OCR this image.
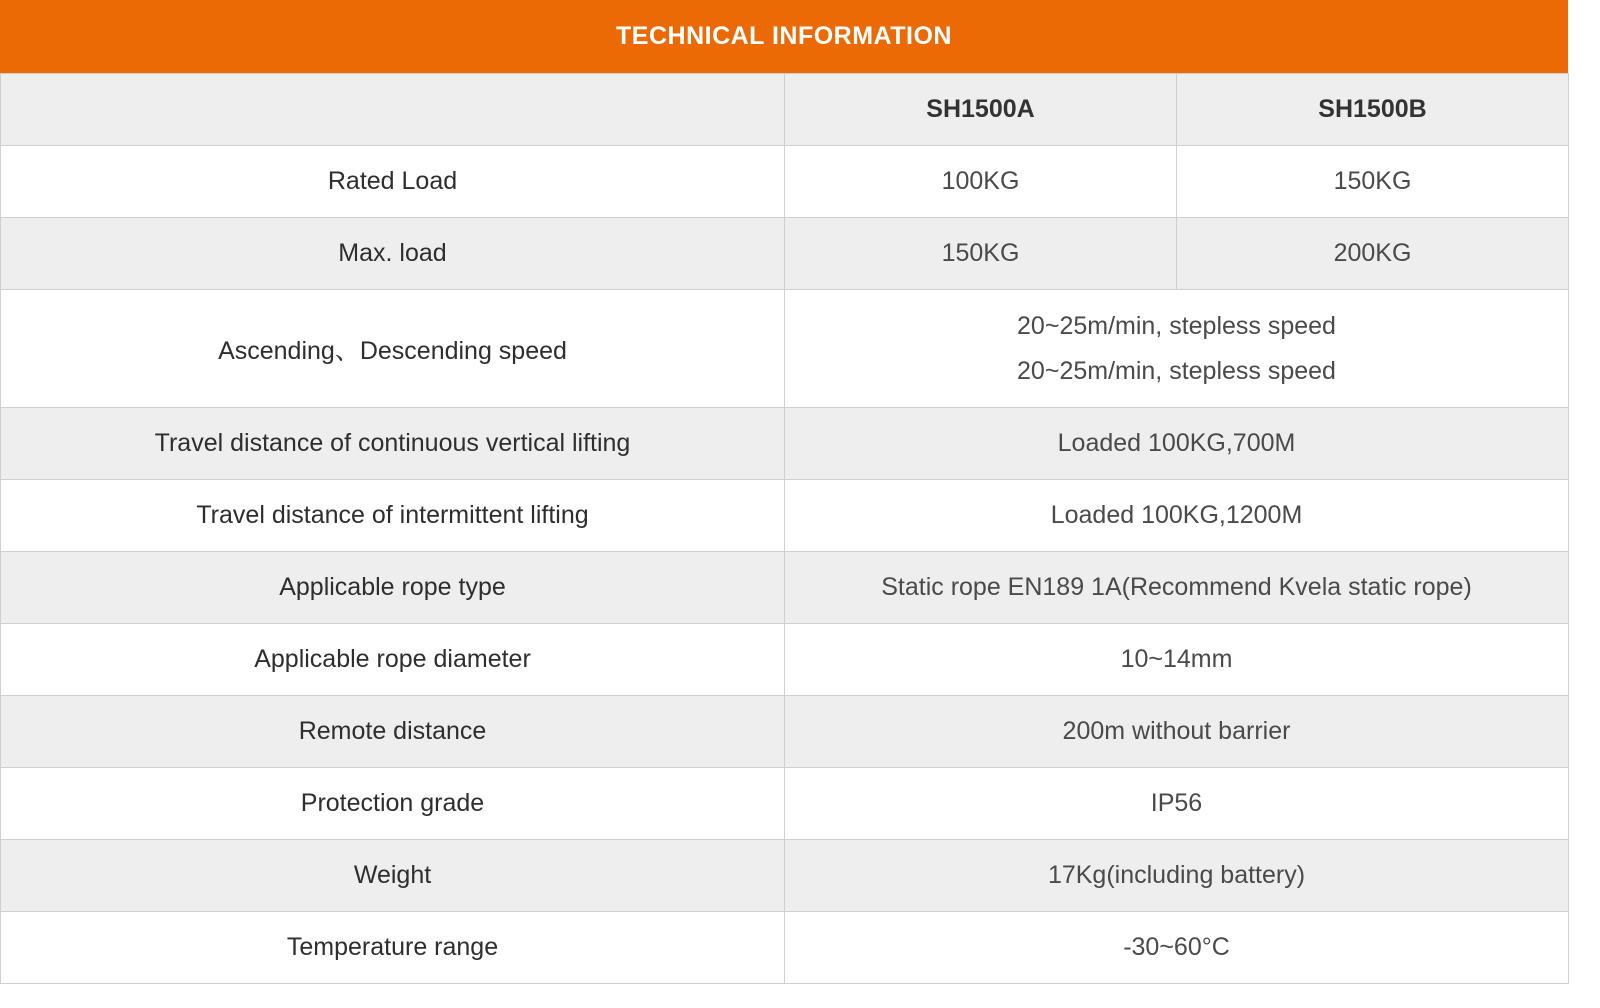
TECHNICAL INFORMATION
	SH1500A	SH1500B
Rated Load	100KG	150KG
Max. load	150KG	200KG
Ascending、Descending speed	20~25m/min, stepless speed
20~25m/min, stepless speed	

Travel distance of continuous vertical lifting	Loaded 100KG,700M	
Travel distance of intermittent lifting	Loaded 100KG,1200M	
Applicable rope type	Static rope EN189 1A(Recommend Kvela static rope)	
Applicable rope diameter	10~14mm	
Remote distance	200m without barrier	
Protection grade	IP56	
Weight	17Kg(including battery)	
Temperature range	-30~60°C	
